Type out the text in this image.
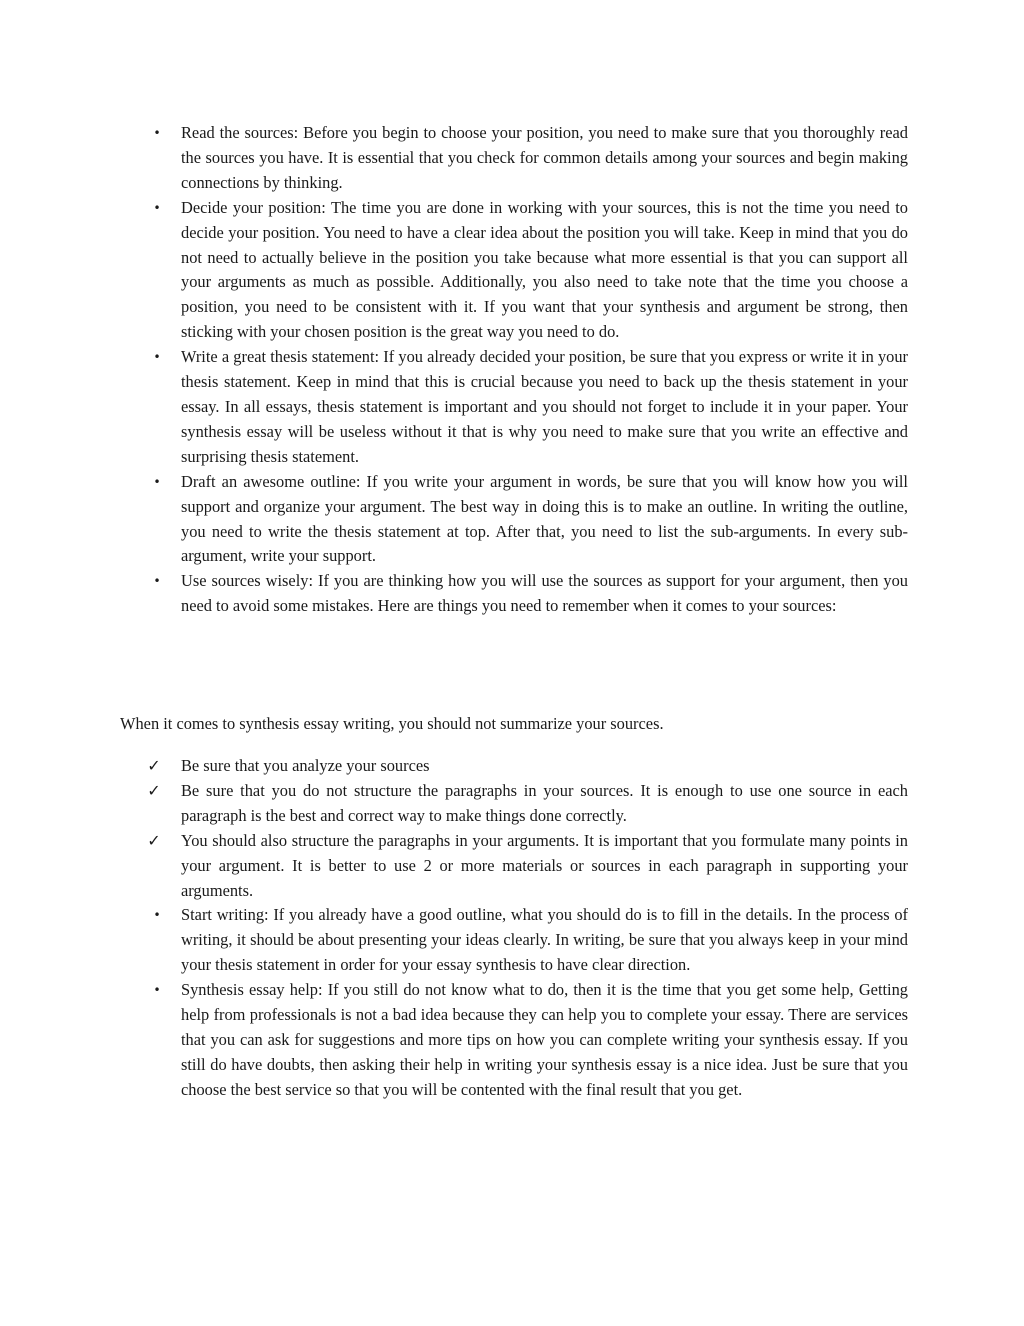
• Read the sources: Before you begin to choose your position, you need to make sure that you thoroughly read the sources you have. It is essential that you check for common details among your sources and begin making connections by thinking.
• Decide your position: The time you are done in working with your sources, this is not the time you need to decide your position. You need to have a clear idea about the position you will take. Keep in mind that you do not need to actually believe in the position you take because what more essential is that you can support all your arguments as much as possible. Additionally, you also need to take note that the time you choose a position, you need to be consistent with it. If you want that your synthesis and argument be strong, then sticking with your chosen position is the great way you need to do.
• Write a great thesis statement: If you already decided your position, be sure that you express or write it in your thesis statement. Keep in mind that this is crucial because you need to back up the thesis statement in your essay. In all essays, thesis statement is important and you should not forget to include it in your paper. Your synthesis essay will be useless without it that is why you need to make sure that you write an effective and surprising thesis statement.
• Draft an awesome outline: If you write your argument in words, be sure that you will know how you will support and organize your argument. The best way in doing this is to make an outline. In writing the outline, you need to write the thesis statement at top. After that, you need to list the sub-arguments. In every sub-argument, write your support.
• Use sources wisely: If you are thinking how you will use the sources as support for your argument, then you need to avoid some mistakes. Here are things you need to remember when it comes to your sources:

When it comes to synthesis essay writing, you should not summarize your sources.

✓ Be sure that you analyze your sources
✓ Be sure that you do not structure the paragraphs in your sources. It is enough to use one source in each paragraph is the best and correct way to make things done correctly.
✓ You should also structure the paragraphs in your arguments. It is important that you formulate many points in your argument. It is better to use 2 or more materials or sources in each paragraph in supporting your arguments.
• Start writing: If you already have a good outline, what you should do is to fill in the details. In the process of writing, it should be about presenting your ideas clearly. In writing, be sure that you always keep in your mind your thesis statement in order for your essay synthesis to have clear direction.
• Synthesis essay help: If you still do not know what to do, then it is the time that you get some help, Getting help from professionals is not a bad idea because they can help you to complete your essay. There are services that you can ask for suggestions and more tips on how you can complete writing your synthesis essay. If you still do have doubts, then asking their help in writing your synthesis essay is a nice idea. Just be sure that you choose the best service so that you will be contented with the final result that you get.
